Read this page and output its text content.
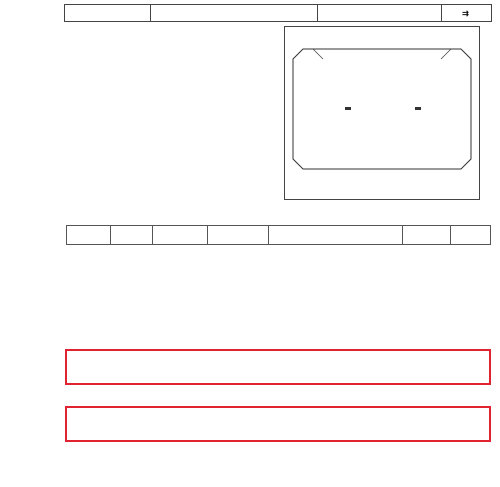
⇉
